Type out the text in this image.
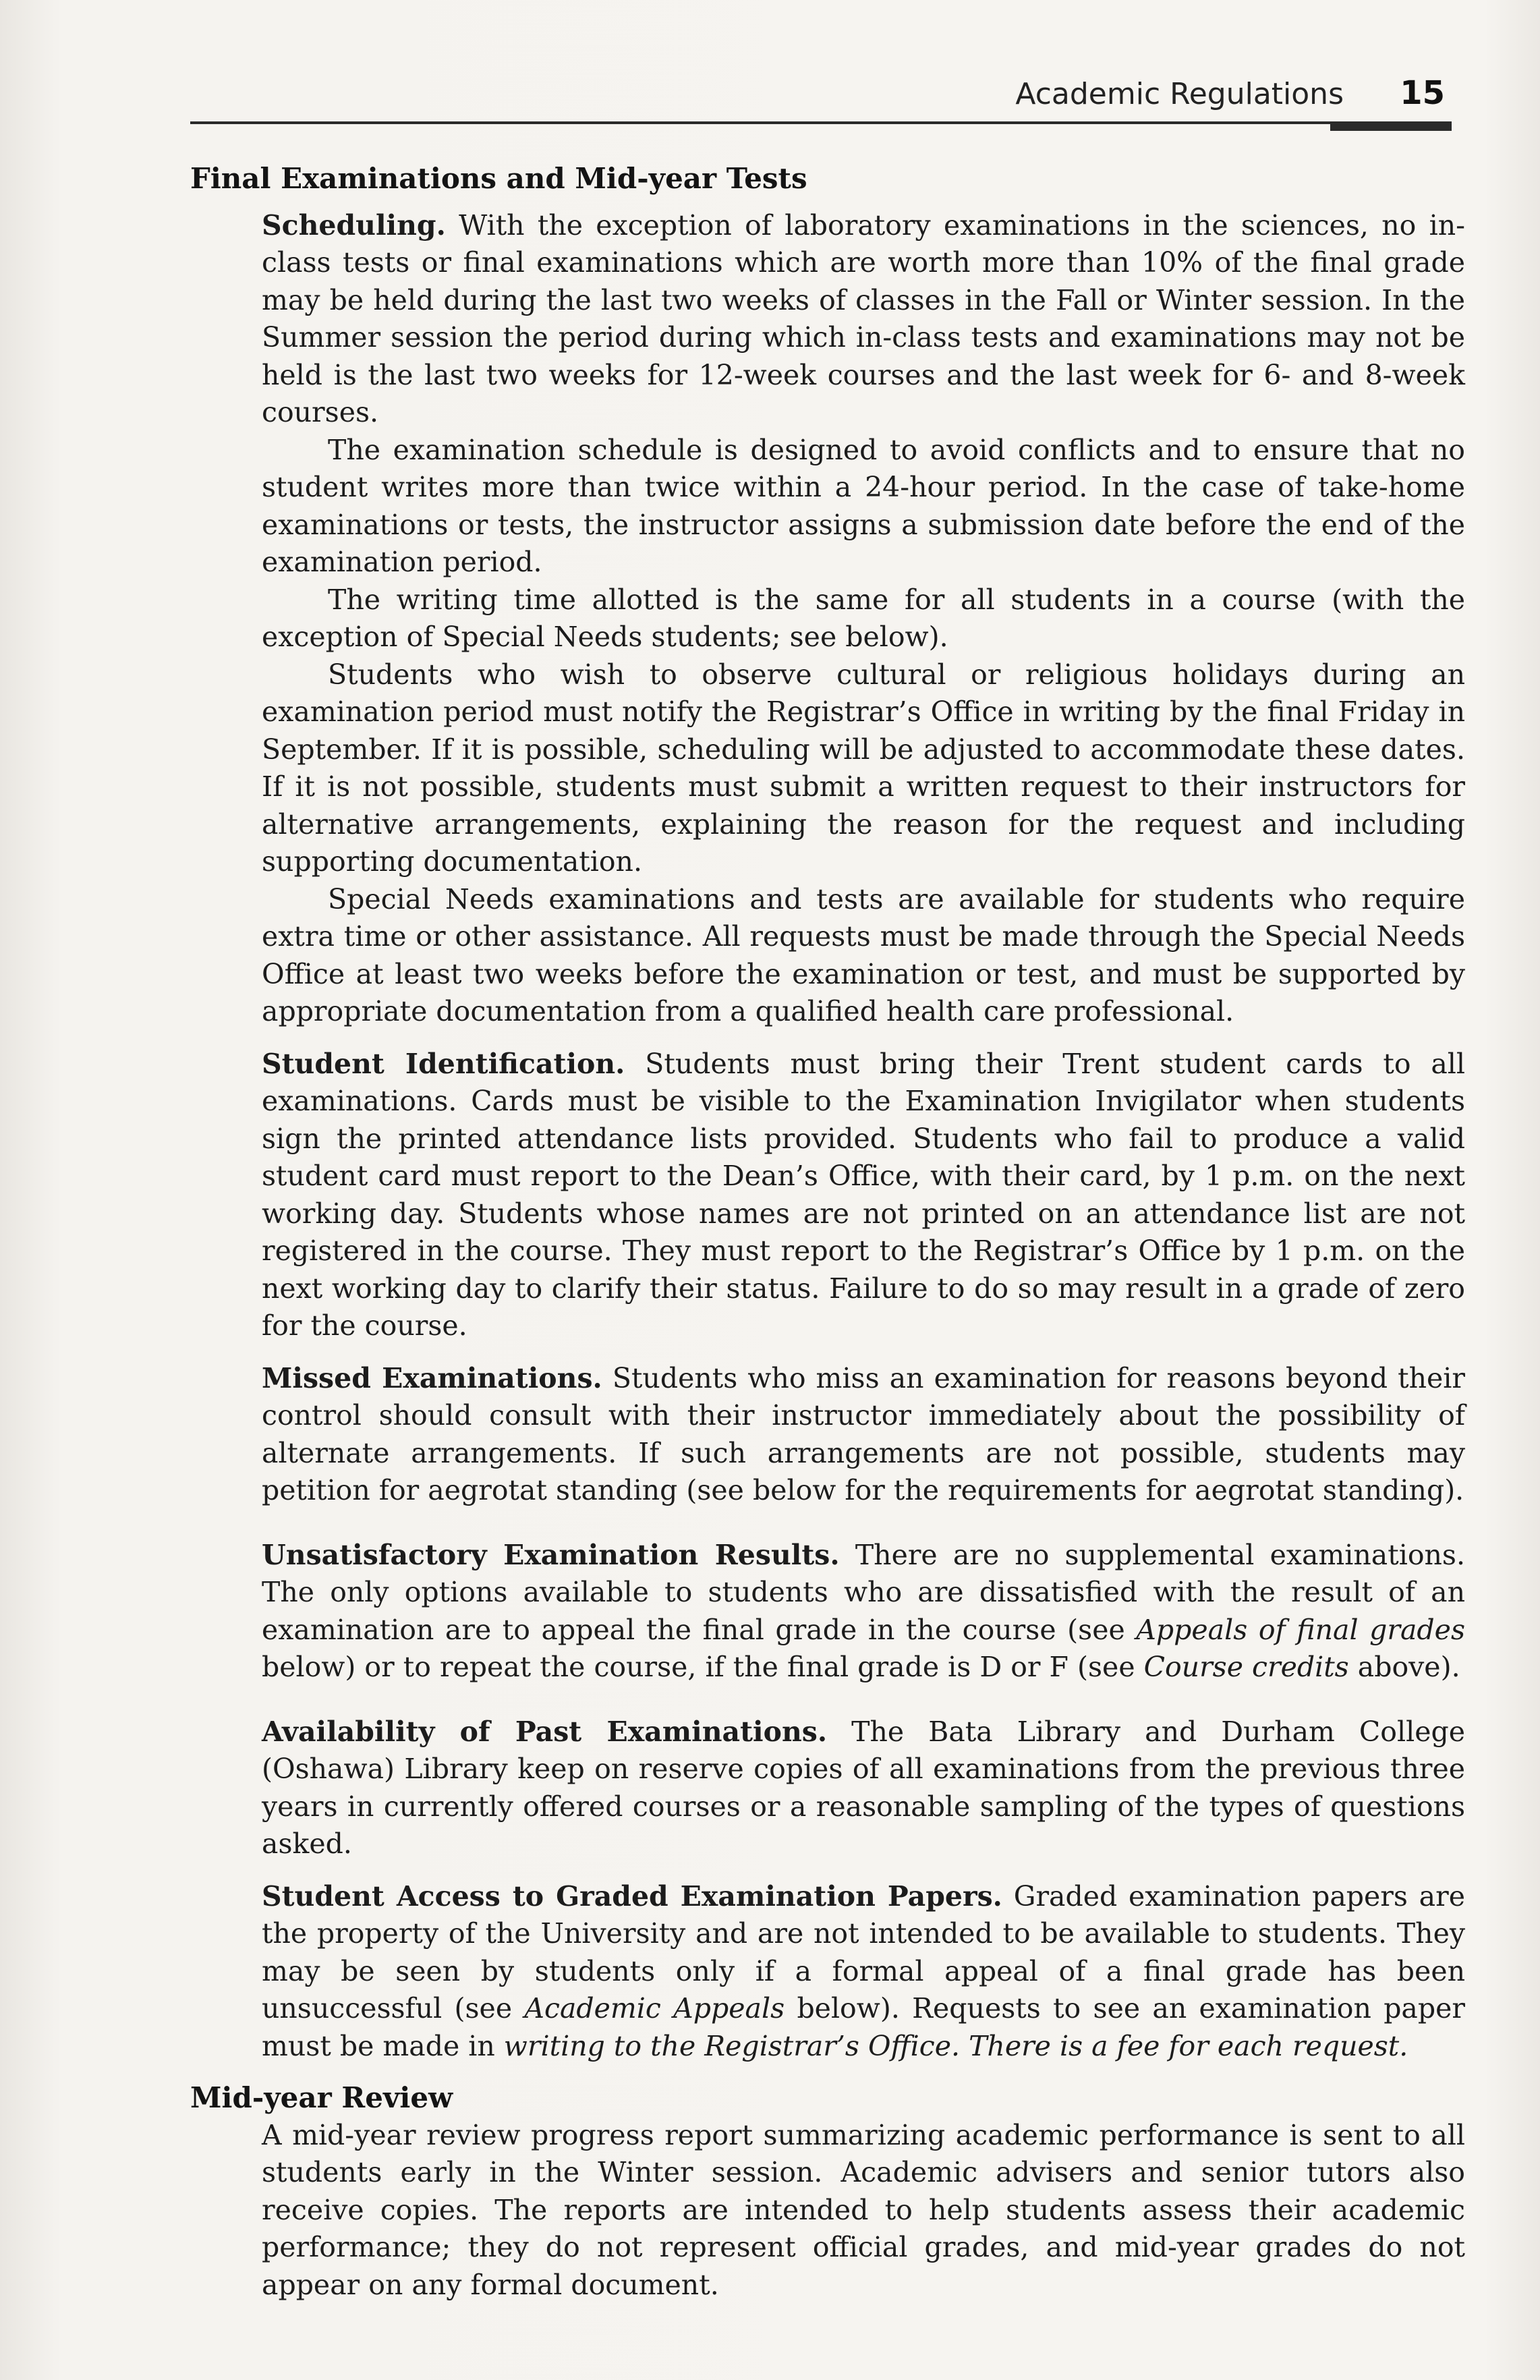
Academic Regulations 15
Final Examinations and Mid-year Tests

Scheduling. With the exception of laboratory examinations in the sciences, no in-class tests or final examinations which are worth more than 10% of the final grade may be held during the last two weeks of classes in the Fall or Winter session. In the Summer session the period during which in-class tests and examinations may not be held is the last two weeks for 12-week courses and the last week for 6- and 8-week courses.

The examination schedule is designed to avoid conflicts and to ensure that no student writes more than twice within a 24-hour period. In the case of take-home examinations or tests, the instructor assigns a submission date before the end of the examination period.

The writing time allotted is the same for all students in a course (with the exception of Special Needs students; see below).

Students who wish to observe cultural or religious holidays during an examination period must notify the Registrar’s Office in writing by the final Friday in September. If it is possible, scheduling will be adjusted to accommodate these dates. If it is not possible, students must submit a written request to their instructors for alternative arrangements, explaining the reason for the request and including supporting documentation.

Special Needs examinations and tests are available for students who require extra time or other assistance. All requests must be made through the Special Needs Office at least two weeks before the examination or test, and must be supported by appropriate documentation from a qualified health care professional.

Student Identification. Students must bring their Trent student cards to all examinations. Cards must be visible to the Examination Invigilator when students sign the printed attendance lists provided. Students who fail to produce a valid student card must report to the Dean’s Office, with their card, by 1 p.m. on the next working day. Students whose names are not printed on an attendance list are not registered in the course. They must report to the Registrar’s Office by 1 p.m. on the next working day to clarify their status. Failure to do so may result in a grade of zero for the course.

Missed Examinations. Students who miss an examination for reasons beyond their control should consult with their instructor immediately about the possibility of alternate arrangements. If such arrangements are not possible, students may petition for aegrotat standing (see below for the requirements for aegrotat standing).

Unsatisfactory Examination Results. There are no supplemental examinations. The only options available to students who are dissatisfied with the result of an examination are to appeal the final grade in the course (see Appeals of final grades below) or to repeat the course, if the final grade is D or F (see Course credits above).

Availability of Past Examinations. The Bata Library and Durham College (Oshawa) Library keep on reserve copies of all examinations from the previous three years in currently offered courses or a reasonable sampling of the types of questions asked.

Student Access to Graded Examination Papers. Graded examination papers are the property of the University and are not intended to be available to students. They may be seen by students only if a formal appeal of a final grade has been unsuccessful (see Academic Appeals below). Requests to see an examination paper must be made in writing to the Registrar’s Office. There is a fee for each request.

Mid-year Review

A mid-year review progress report summarizing academic performance is sent to all students early in the Winter session. Academic advisers and senior tutors also receive copies. The reports are intended to help students assess their academic performance; they do not represent official grades, and mid-year grades do not appear on any formal document.
